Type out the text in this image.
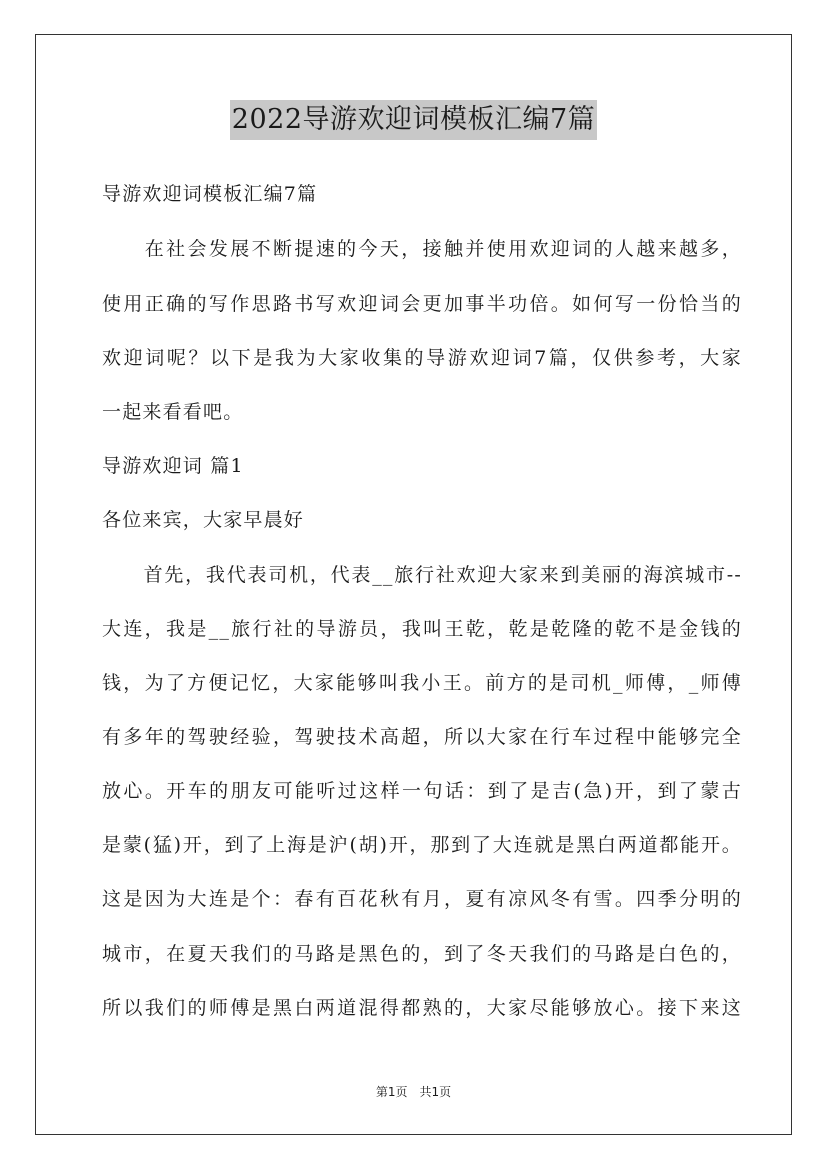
2022导游欢迎词模板汇编7篇
导游欢迎词模板汇编7篇
　　在社会发展不断提速的今天，接触并使用欢迎词的人越来越多，
使用正确的写作思路书写欢迎词会更加事半功倍。如何写一份恰当的
欢迎词呢？以下是我为大家收集的导游欢迎词7篇，仅供参考，大家
一起来看看吧。
导游欢迎词 篇1
各位来宾，大家早晨好
　　首先，我代表司机，代表__旅行社欢迎大家来到美丽的海滨城市--
大连，我是__旅行社的导游员，我叫王乾，乾是乾隆的乾不是金钱的
钱，为了方便记忆，大家能够叫我小王。前方的是司机_师傅，_师傅
有多年的驾驶经验，驾驶技术高超，所以大家在行车过程中能够完全
放心。开车的朋友可能听过这样一句话：到了是吉(急)开，到了蒙古
是蒙(猛)开，到了上海是沪(胡)开，那到了大连就是黑白两道都能开。
这是因为大连是个：春有百花秋有月，夏有凉风冬有雪。四季分明的
城市，在夏天我们的马路是黑色的，到了冬天我们的马路是白色的，
所以我们的师傅是黑白两道混得都熟的，大家尽能够放心。接下来这
第1页　共1页
